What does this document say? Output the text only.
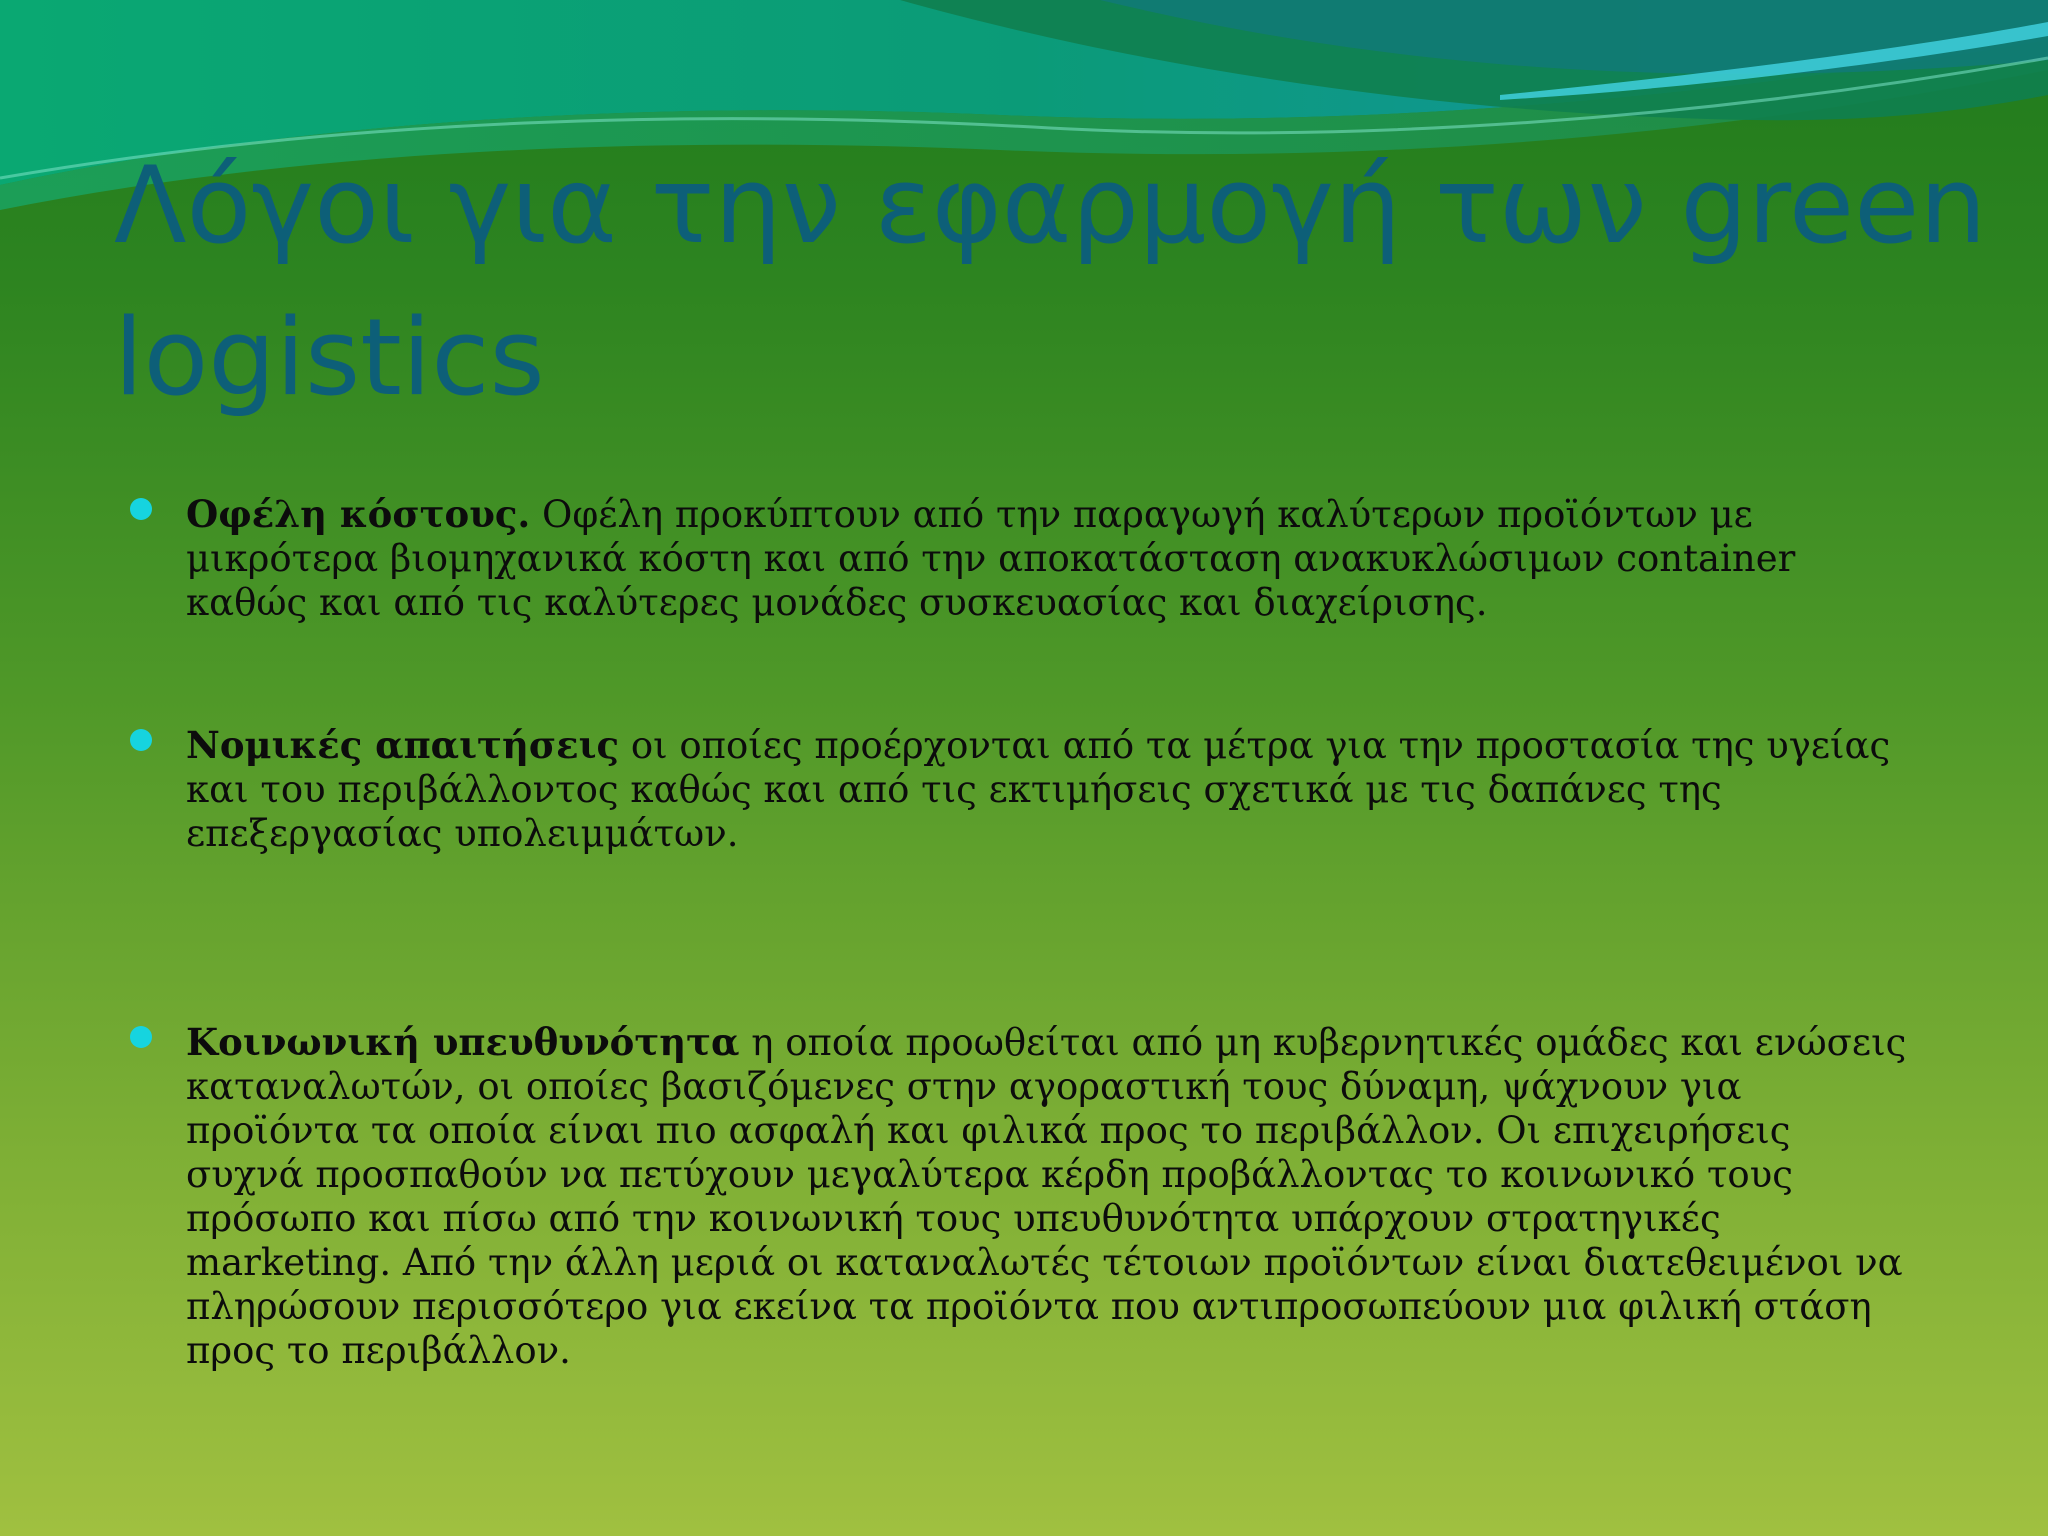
Λόγοι για την εφαρμογή των green logistics
Οφέλη κόστους. Οφέλη προκύπτουν από την παραγωγή καλύτερων προϊόντων με μικρότερα βιομηχανικά κόστη και από την αποκατάσταση ανακυκλώσιμων container καθώς και από τις καλύτερες μονάδες συσκευασίας και διαχείρισης.
Νομικές απαιτήσεις οι οποίες προέρχονται από τα μέτρα για την προστασία της υγείας και του περιβάλλοντος καθώς και από τις εκτιμήσεις σχετικά με τις δαπάνες της επεξεργασίας υπολειμμάτων.
Κοινωνική υπευθυνότητα η οποία προωθείται από μη κυβερνητικές ομάδες και ενώσεις καταναλωτών, οι οποίες βασιζόμενες στην αγοραστική τους δύναμη, ψάχνουν για προϊόντα τα οποία είναι πιο ασφαλή και φιλικά προς το περιβάλλον. Οι επιχειρήσεις συχνά προσπαθούν να πετύχουν μεγαλύτερα κέρδη προβάλλοντας το κοινωνικό τους πρόσωπο και πίσω από την κοινωνική τους υπευθυνότητα υπάρχουν στρατηγικές marketing. Από την άλλη μεριά οι καταναλωτές τέτοιων προϊόντων είναι διατεθειμένοι να πληρώσουν περισσότερο για εκείνα τα προϊόντα που αντιπροσωπεύουν μια φιλική στάση προς το περιβάλλον.
